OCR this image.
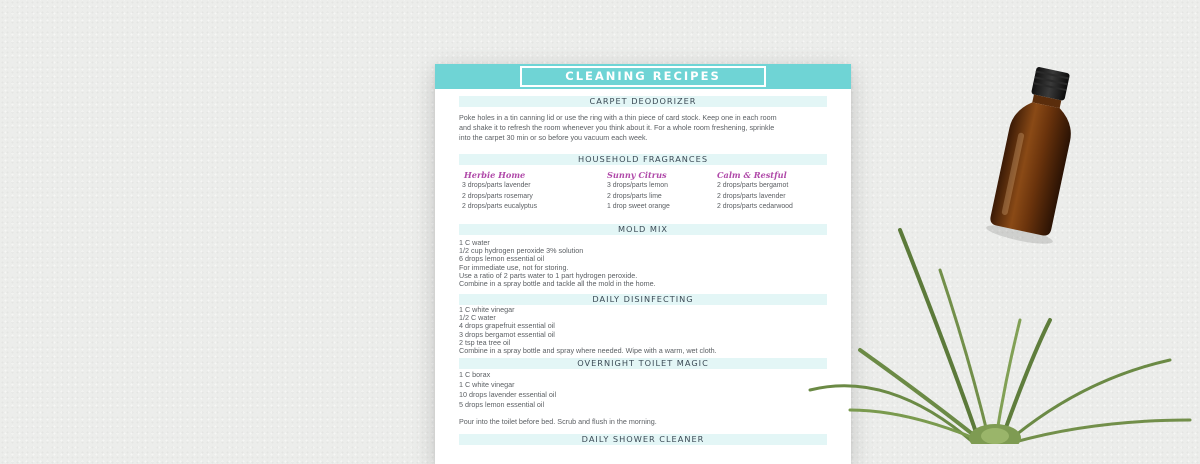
CLEANING RECIPES
CARPET DEODORIZER
Poke holes in a tin canning lid or use the ring with a thin piece of card stock. Keep one in each room
and shake it to refresh the room whenever you think about it. For a whole room freshening, sprinkle
into the carpet 30 min or so before you vacuum each week.
HOUSEHOLD FRAGRANCES
Herbie Home
3 drops/parts lavender
2 drops/parts rosemary
2 drops/parts eucalyptus
Sunny Citrus
3 drops/parts lemon
2 drops/parts lime
1 drop sweet orange
Calm & Restful
2 drops/parts bergamot
2 drops/parts lavender
2 drops/parts cedarwood
MOLD MIX
1 C water
1/2 cup hydrogen peroxide 3% solution
6 drops lemon essential oil
For immediate use, not for storing.
Use a ratio of 2 parts water to 1 part hydrogen peroxide.
Combine in a spray bottle and tackle all the mold in the home.
DAILY DISINFECTING
1 C white vinegar
1/2 C water
4 drops grapefruit essential oil
3 drops bergamot essential oil
2 tsp tea tree oil
Combine in a spray bottle and spray where needed. Wipe with a warm, wet cloth.
OVERNIGHT TOILET MAGIC
1 C borax
1 C white vinegar
10 drops lavender essential oil
5 drops lemon essential oil
Pour into the toilet before bed. Scrub and flush in the morning.
DAILY SHOWER CLEANER
